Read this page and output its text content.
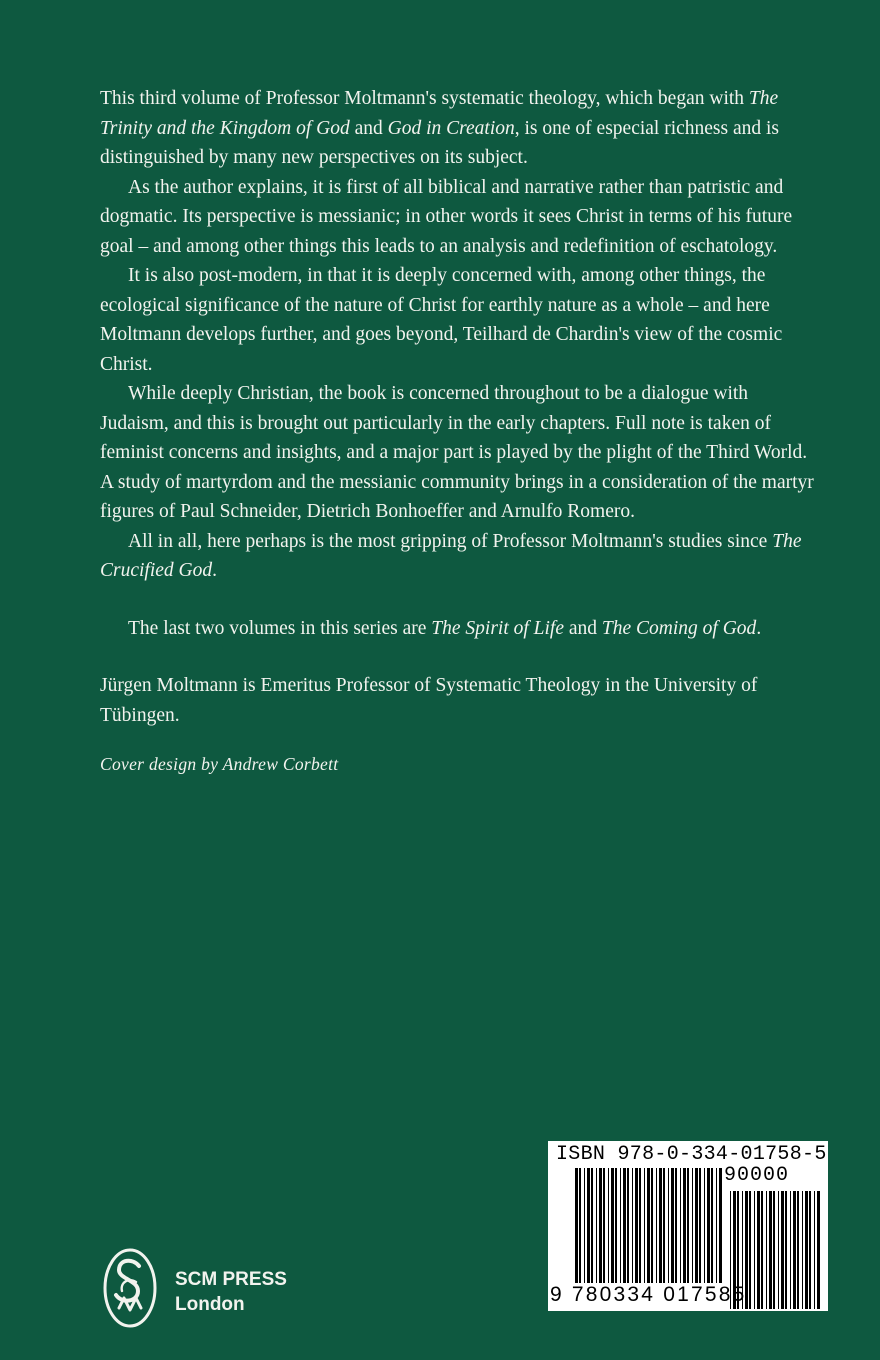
This third volume of Professor Moltmann's systematic theology, which began with The Trinity and the Kingdom of God and God in Creation, is one of especial richness and is distinguished by many new perspectives on its subject.

As the author explains, it is first of all biblical and narrative rather than patristic and dogmatic. Its perspective is messianic; in other words it sees Christ in terms of his future goal – and among other things this leads to an analysis and redefinition of eschatology.

It is also post-modern, in that it is deeply concerned with, among other things, the ecological significance of the nature of Christ for earthly nature as a whole – and here Moltmann develops further, and goes beyond, Teilhard de Chardin's view of the cosmic Christ.

While deeply Christian, the book is concerned throughout to be a dialogue with Judaism, and this is brought out particularly in the early chapters. Full note is taken of feminist concerns and insights, and a major part is played by the plight of the Third World. A study of martyrdom and the messianic community brings in a consideration of the martyr figures of Paul Schneider, Dietrich Bonhoeffer and Arnulfo Romero.

All in all, here perhaps is the most gripping of Professor Moltmann's studies since The Crucified God.

The last two volumes in this series are The Spirit of Life and The Coming of God.

Jürgen Moltmann is Emeritus Professor of Systematic Theology in the University of Tübingen.

Cover design by Andrew Corbett

SCM PRESS
London
ISBN 978-0-334-01758-5
90000
9 780334 017585
